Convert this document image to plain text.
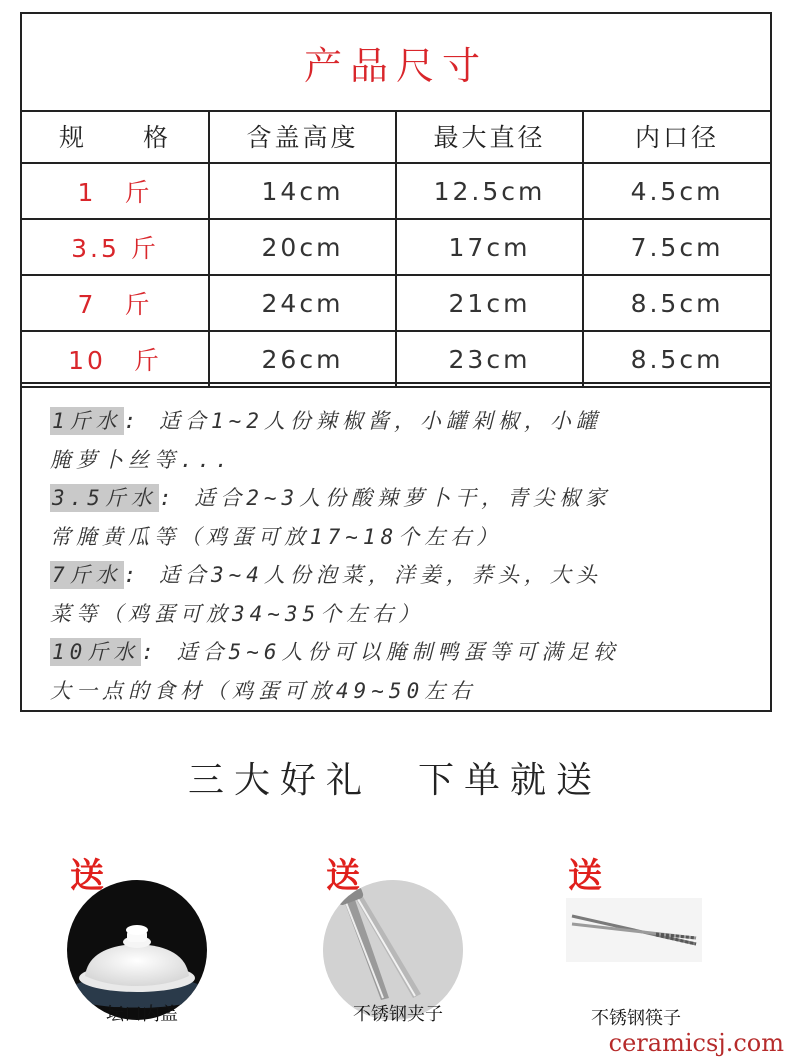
产品尺寸
规　　格	含盖高度	最大直径	内口径
1　斤	14cm	12.5cm	4.5cm
3.5 斤	20cm	17cm	7.5cm
7　斤	24cm	21cm	8.5cm
10　斤	26cm	23cm	8.5cm
1斤水: 适合1~2人份辣椒酱，小罐剁椒，小罐
腌萝卜丝等...
3.5斤水: 适合2~3人份酸辣萝卜干，青尖椒家
常腌黄瓜等（鸡蛋可放17~18个左右）
7斤水: 适合3~4人份泡菜，洋姜，荞头，大头
菜等（鸡蛋可放34~35个左右）
10斤水: 适合5~6人份可以腌制鸭蛋等可满足较
大一点的食材（鸡蛋可放49~50左右
三大好礼　下单就送
送
坛口内盖
送
不锈钢夹子
送
不锈钢筷子
ceramicsj.com
